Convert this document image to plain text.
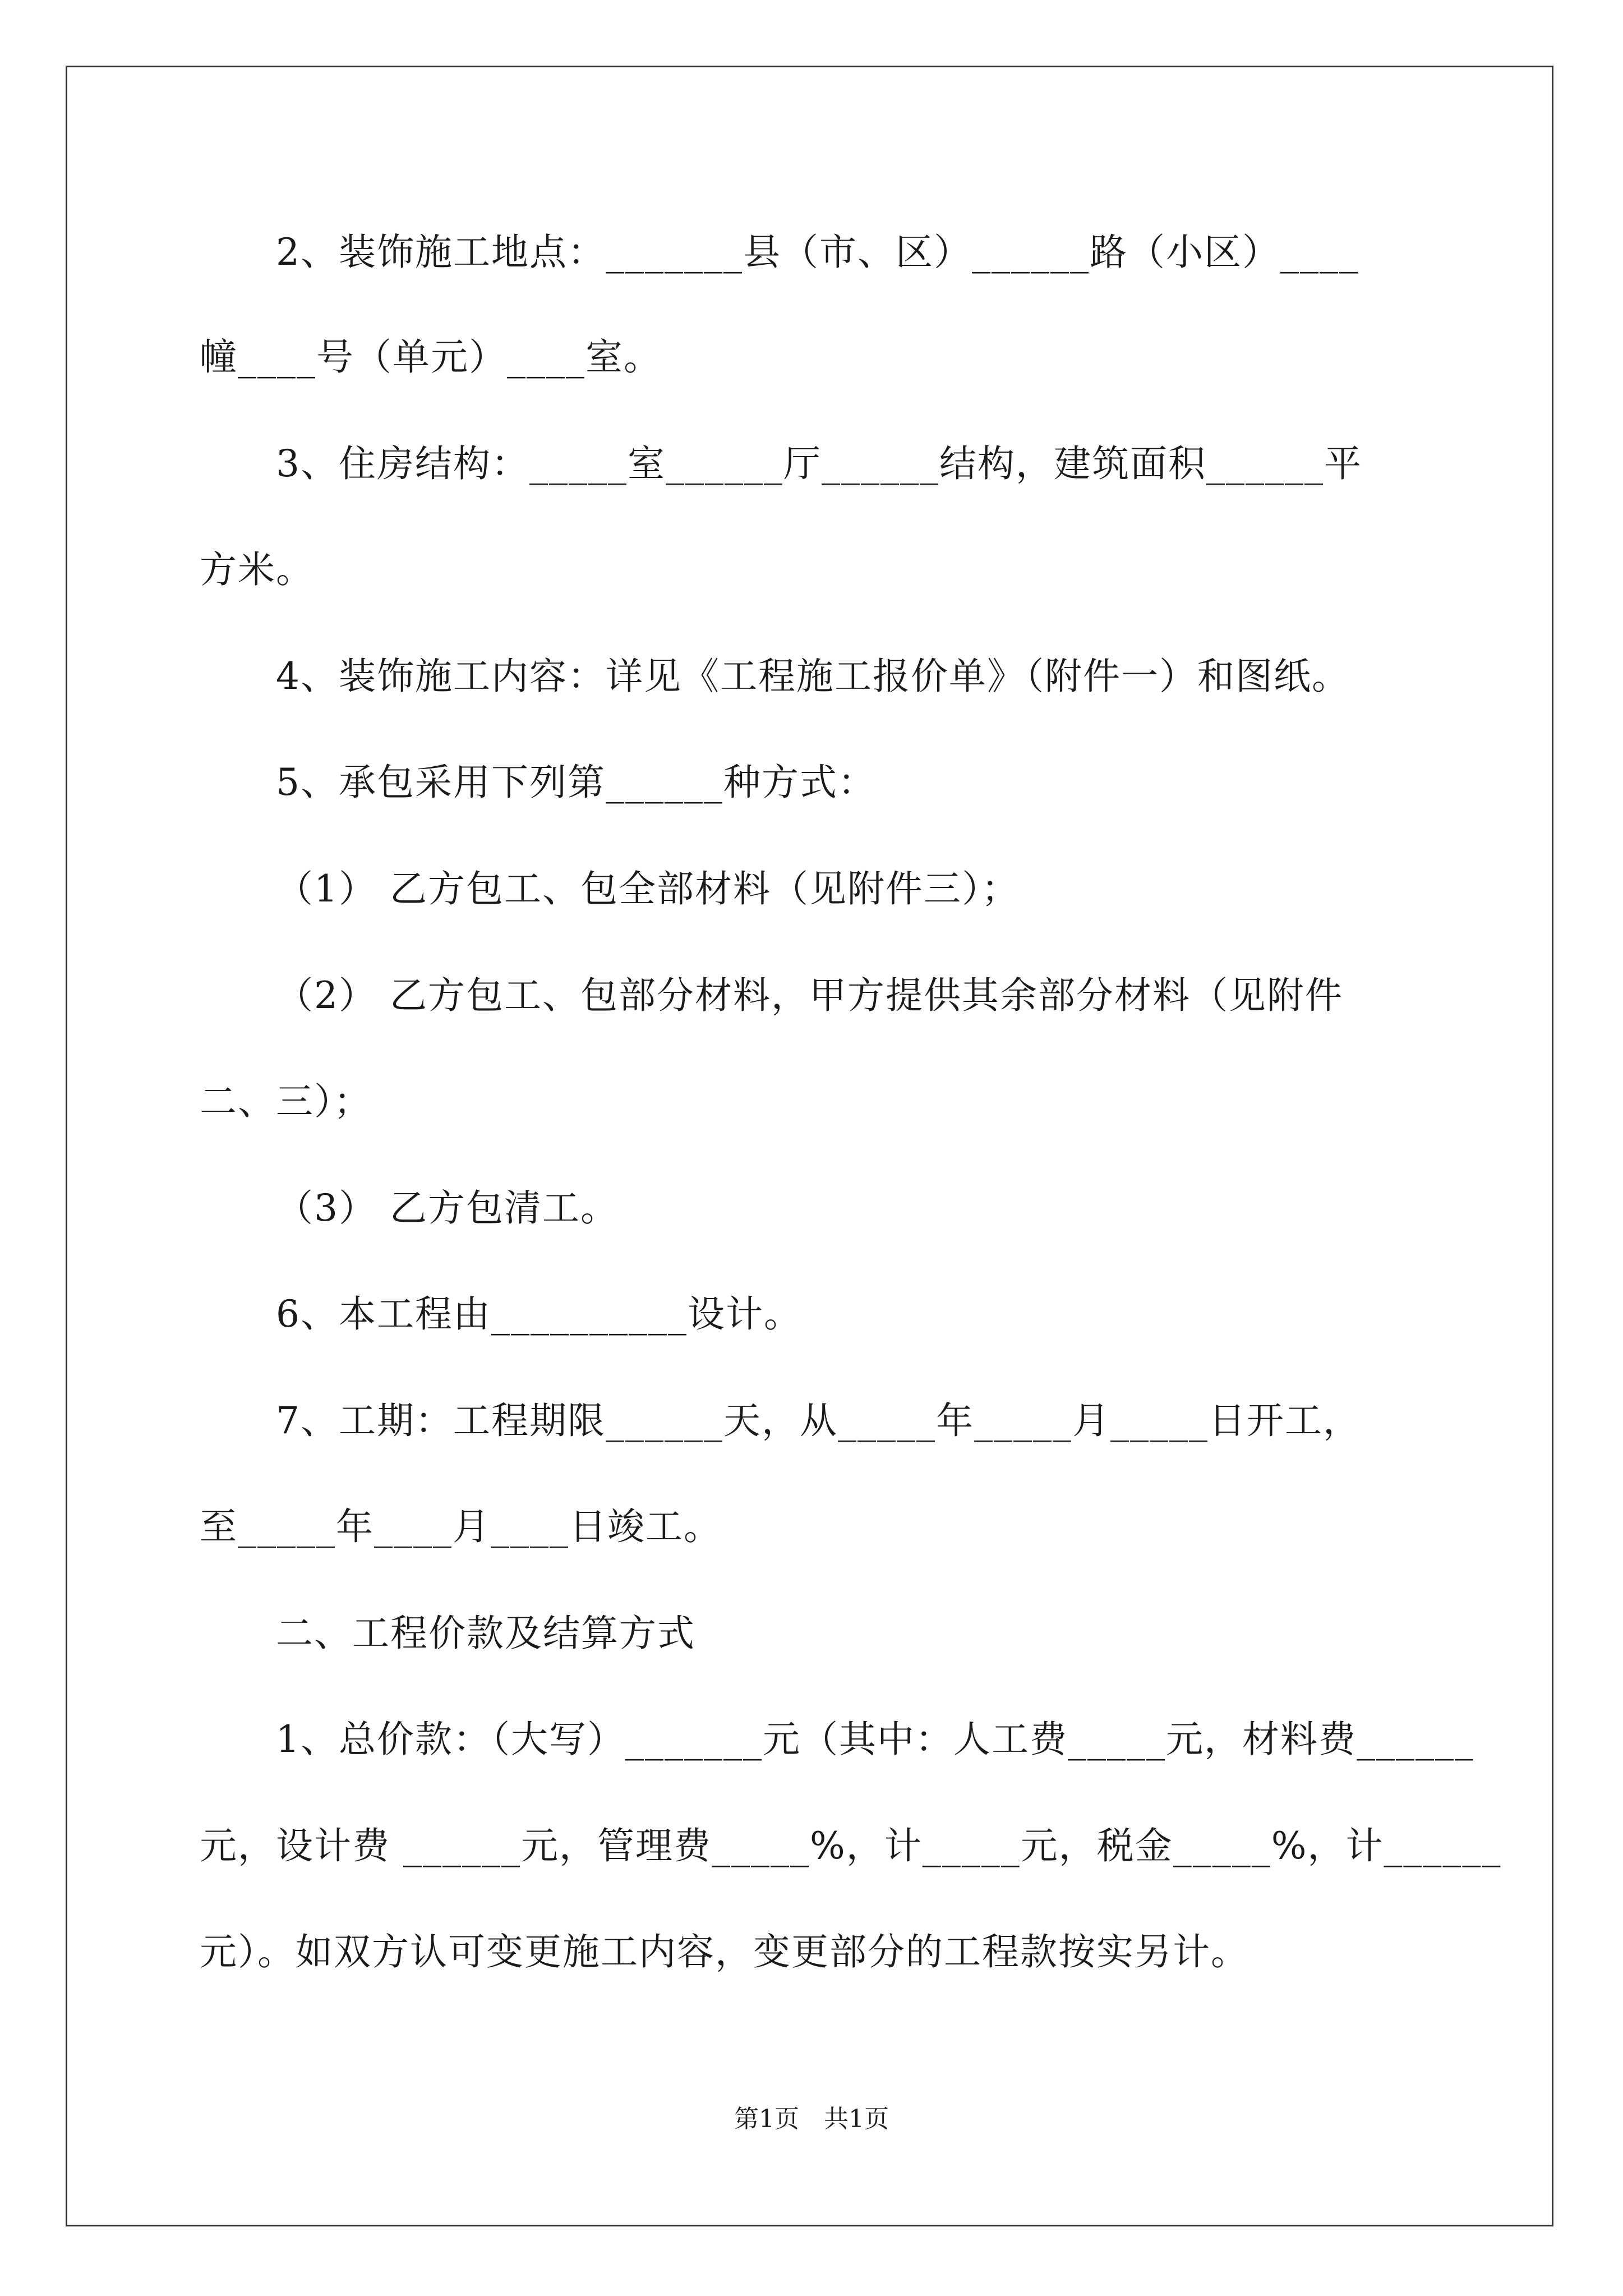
2、装饰施工地点：_______县（市、区）______路（小区）____
幢____号（单元）____室。
3、住房结构：_____室______厅______结构，建筑面积______平
方米。
4、装饰施工内容：详见《工程施工报价单》（附件一）和图纸。
5、承包采用下列第______种方式：
（1） 乙方包工、包全部材料（见附件三）；
（2） 乙方包工、包部分材料，甲方提供其余部分材料（见附件
二、三）；
（3） 乙方包清工。
6、本工程由__________设计。
7、工期：工程期限______天，从_____年_____月_____日开工，
至_____年____月____日竣工。
二、工程价款及结算方式
1、总价款：（大写）_______元（其中：人工费_____元，材料费______
元，设计费 ______元，管理费_____%，计_____元，税金_____%，计______
元）。如双方认可变更施工内容，变更部分的工程款按实另计。
第1页　共1页
